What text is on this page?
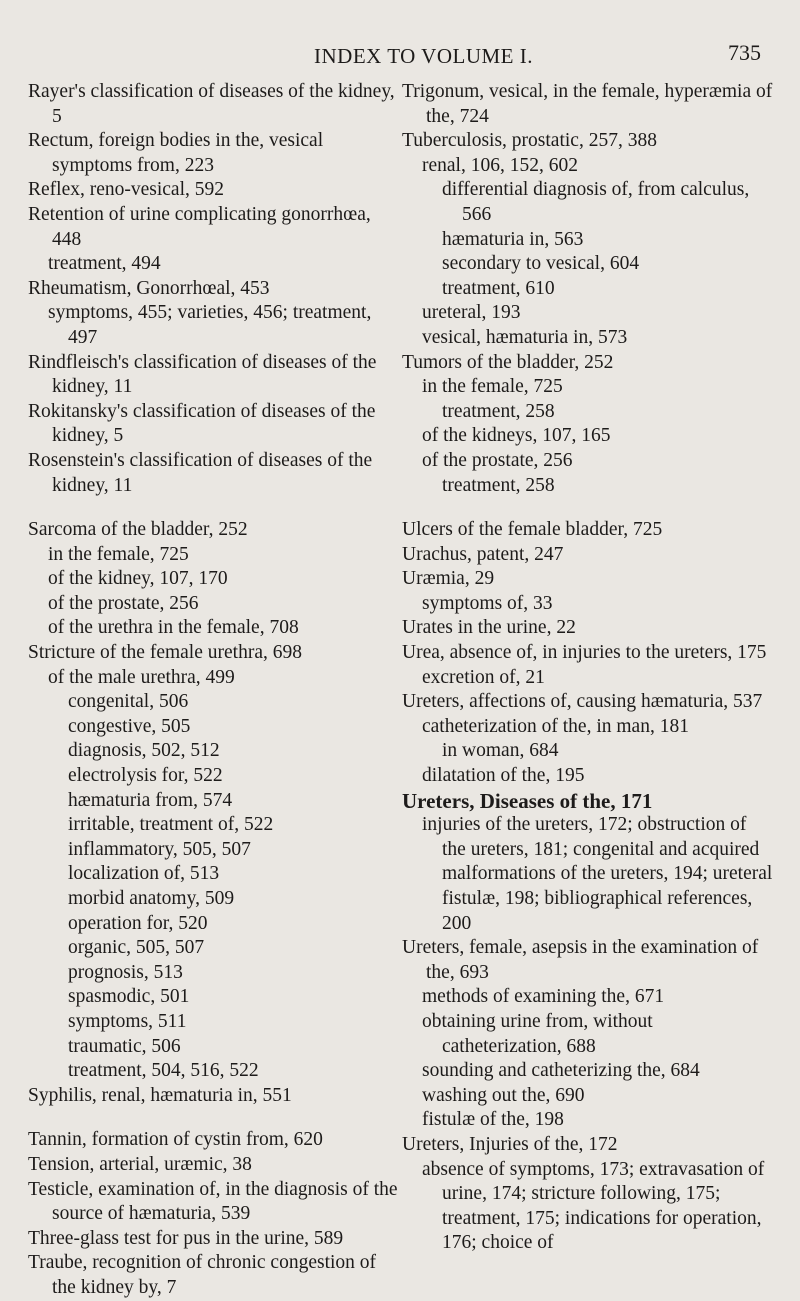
INDEX TO VOLUME I.	735

Rayer's classification of diseases of the kidney, 5

Rectum, foreign bodies in the, vesical symptoms from, 223

Reflex, reno-vesical, 592

Retention of urine complicating gonorrhœa, 448

treatment, 494

Rheumatism, Gonorrhœal, 453

symptoms, 455; varieties, 456; treatment, 497

Rindfleisch's classification of diseases of the kidney, 11

Rokitansky's classification of diseases of the kidney, 5

Rosenstein's classification of diseases of the kidney, 11

Sarcoma of the bladder, 252

in the female, 725

of the kidney, 107, 170

of the prostate, 256

of the urethra in the female, 708

Stricture of the female urethra, 698

of the male urethra, 499

congenital, 506

congestive, 505

diagnosis, 502, 512

electrolysis for, 522

hæmaturia from, 574

irritable, treatment of, 522

inflammatory, 505, 507

localization of, 513

morbid anatomy, 509

operation for, 520

organic, 505, 507

prognosis, 513

spasmodic, 501

symptoms, 511

traumatic, 506

treatment, 504, 516, 522

Syphilis, renal, hæmaturia in, 551

Tannin, formation of cystin from, 620

Tension, arterial, uræmic, 38

Testicle, examination of, in the diagnosis of the source of hæmaturia, 539

Three-glass test for pus in the urine, 589

Traube, recognition of chronic congestion of the kidney by, 7

Trigonum, vesical, in the female, hyperæmia of the, 724

Tuberculosis, prostatic, 257, 388

renal, 106, 152, 602

differential diagnosis of, from calculus, 566

hæmaturia in, 563

secondary to vesical, 604

treatment, 610

ureteral, 193

vesical, hæmaturia in, 573

Tumors of the bladder, 252

in the female, 725

treatment, 258

of the kidneys, 107, 165

of the prostate, 256

treatment, 258

Ulcers of the female bladder, 725

Urachus, patent, 247

Uræmia, 29

symptoms of, 33

Urates in the urine, 22

Urea, absence of, in injuries to the ureters, 175

excretion of, 21

Ureters, affections of, causing hæmaturia, 537

catheterization of the, in man, 181

in woman, 684

dilatation of the, 195

Ureters, Diseases of the, 171

injuries of the ureters, 172; obstruction of the ureters, 181; congenital and acquired malformations of the ureters, 194; ureteral fistulæ, 198; bibliographical references, 200

Ureters, female, asepsis in the examination of the, 693

methods of examining the, 671

obtaining urine from, without catheterization, 688

sounding and catheterizing the, 684

washing out the, 690

fistulæ of the, 198

Ureters, Injuries of the, 172

absence of symptoms, 173; extravasation of urine, 174; stricture following, 175; treatment, 175; indications for operation, 176; choice of
